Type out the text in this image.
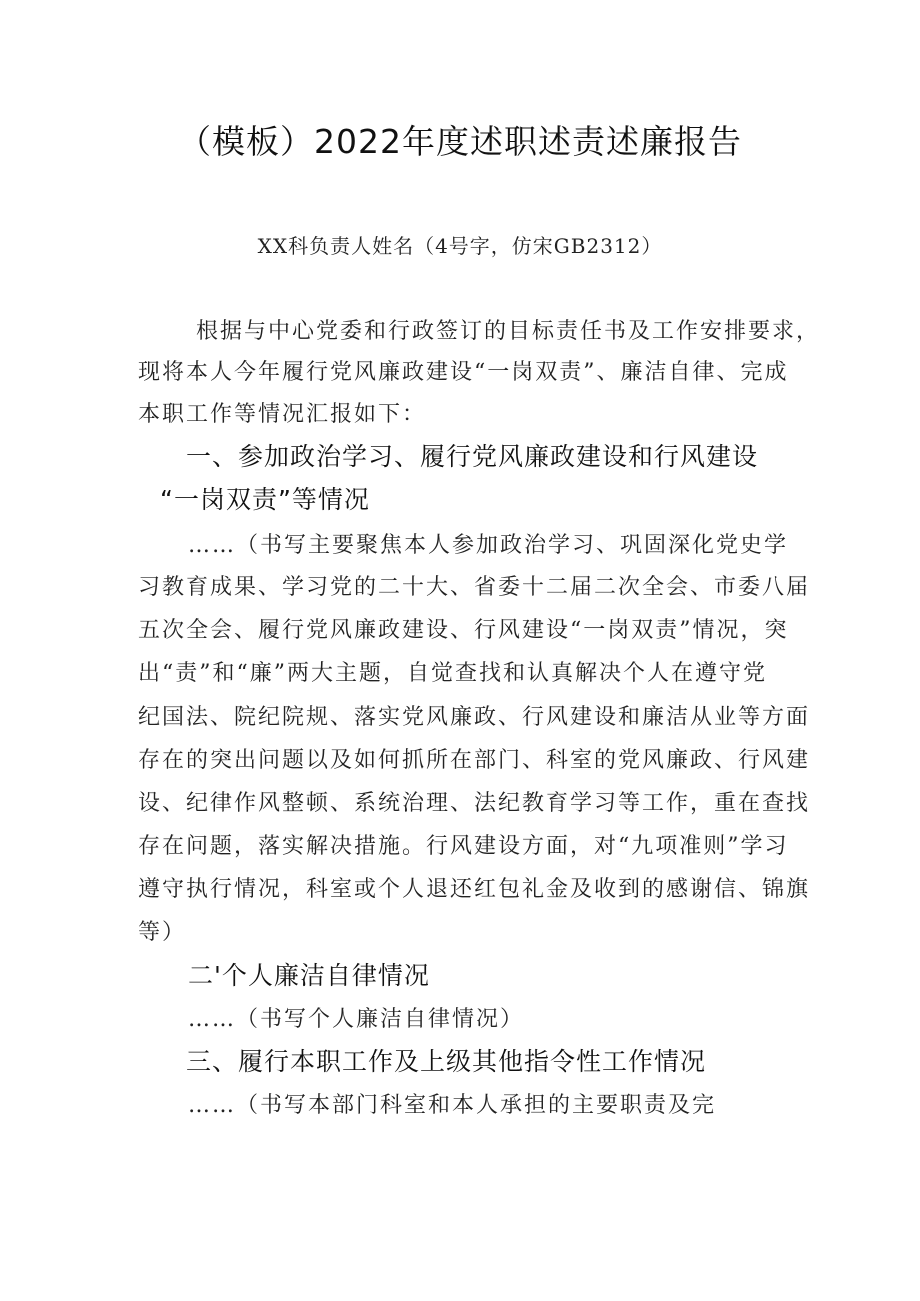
（模板）2022年度述职述责述廉报告
XX科负责人姓名（4号字，仿宋GB2312）
根据与中心党委和行政签订的目标责任书及工作安排要求，
现将本人今年履行党风廉政建设“一岗双责”、廉洁自律、完成
本职工作等情况汇报如下：
一、参加政治学习、履行党风廉政建设和行风建设
“一岗双责”等情况
……（书写主要聚焦本人参加政治学习、巩固深化党史学
习教育成果、学习党的二十大、省委十二届二次全会、市委八届
五次全会、履行党风廉政建设、行风建设“一岗双责”情况，突
出“责”和“廉”两大主题，自觉查找和认真解决个人在遵守党
纪国法、院纪院规、落实党风廉政、行风建设和廉洁从业等方面
存在的突出问题以及如何抓所在部门、科室的党风廉政、行风建
设、纪律作风整顿、系统治理、法纪教育学习等工作，重在查找
存在问题，落实解决措施。行风建设方面，对“九项准则”学习
遵守执行情况，科室或个人退还红包礼金及收到的感谢信、锦旗
等）
二'个人廉洁自律情况
……（书写个人廉洁自律情况）
三、履行本职工作及上级其他指令性工作情况
……（书写本部门科室和本人承担的主要职责及完
